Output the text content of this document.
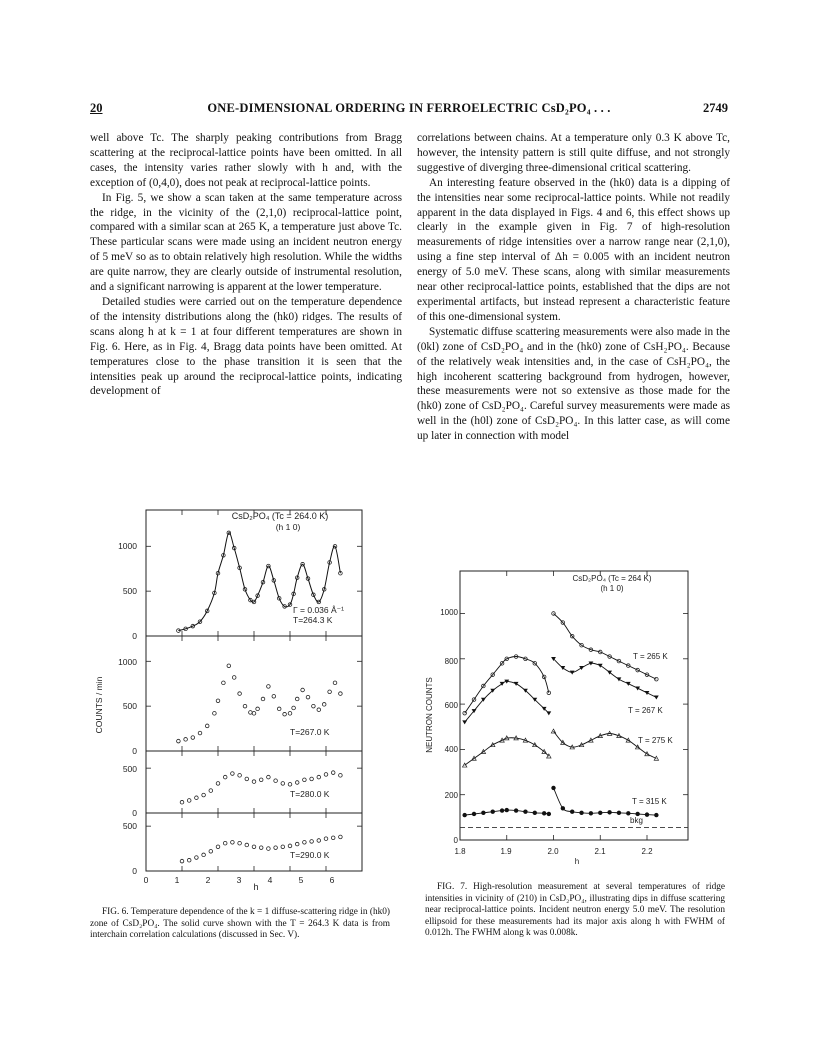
20	ONE-DIMENSIONAL ORDERING IN FERROELECTRIC CsD₂PO₄ . . .	2749

well above Tc. The sharply peaking contributions from Bragg scattering at the reciprocal-lattice points have been omitted. In all cases, the intensity varies rather slowly with h and, with the exception of (0,4,0), does not peak at reciprocal-lattice points.

In Fig. 5, we show a scan taken at the same temperature across the ridge, in the vicinity of the (2,1,0) reciprocal-lattice point, compared with a similar scan at 265 K, a temperature just above Tc. These particular scans were made using an incident neutron energy of 5 meV so as to obtain relatively high resolution. While the widths are quite narrow, they are clearly outside of instrumental resolution, and a significant narrowing is apparent at the lower temperature.

Detailed studies were carried out on the temperature dependence of the intensity distributions along the (hk0) ridges. The results of scans along h at k = 1 at four different temperatures are shown in Fig. 6. Here, as in Fig. 4, Bragg data points have been omitted. At temperatures close to the phase transition it is seen that the intensities peak up around the reciprocal-lattice points, indicating development of

correlations between chains. At a temperature only 0.3 K above Tc, however, the intensity pattern is still quite diffuse, and not strongly suggestive of diverging three-dimensional critical scattering.

An interesting feature observed in the (hk0) data is a dipping of the intensities near some reciprocal-lattice points. While not readily apparent in the data displayed in Figs. 4 and 6, this effect shows up clearly in the example given in Fig. 7 of high-resolution measurements of ridge intensities over a narrow range near (2,1,0), using a fine step interval of Δh = 0.005 with an incident neutron energy of 5.0 meV. These scans, along with similar measurements near other reciprocal-lattice points, established that the dips are not experimental artifacts, but instead represent a characteristic feature of this one-dimensional system.

Systematic diffuse scattering measurements were also made in the (0kl) zone of CsD₂PO₄ and in the (hk0) zone of CsH₂PO₄. Because of the relatively weak intensities and, in the case of CsH₂PO₄, the high incoherent scattering background from hydrogen, however, these measurements were not so extensive as those made for the (hk0) zone of CsD₂PO₄. Careful survey measurements were made as well in the (h0l) zone of CsD₂PO₄. In this latter case, as will come up later in connection with model

CsD₂PO₄ (Tc = 264.0 K)
(h 1 0)
Γ = 0.036 Å⁻¹
T=264.3 K
T=267.0 K
T=280.0 K
T=290.0 K
COUNTS / min
h
1000
500
0
1000
500
0
500
0
500
0
0	1	2	3	4	5	6

FIG. 6. Temperature dependence of the k = 1 diffuse-scattering ridge in (hk0) zone of CsD₂PO₄. The solid curve shown with the T = 264.3 K data is from interchain correlation calculations (discussed in Sec. V).

CsD₂PO₄ (Tc = 264 K)
(h 1 0)
T = 265 K
T = 267 K
T = 275 K
T = 315 K
bkg
NEUTRON COUNTS
h
1000
800
600
400
200
0
1.8	1.9	2.0	2.1	2.2

FIG. 7. High-resolution measurement at several temperatures of ridge intensities in vicinity of (210) in CsD₂PO₄, illustrating dips in diffuse scattering near reciprocal-lattice points. Incident neutron energy 5.0 meV. The resolution ellipsoid for these measurements had its major axis along h with FWHM of 0.012h. The FWHM along k was 0.008k.
